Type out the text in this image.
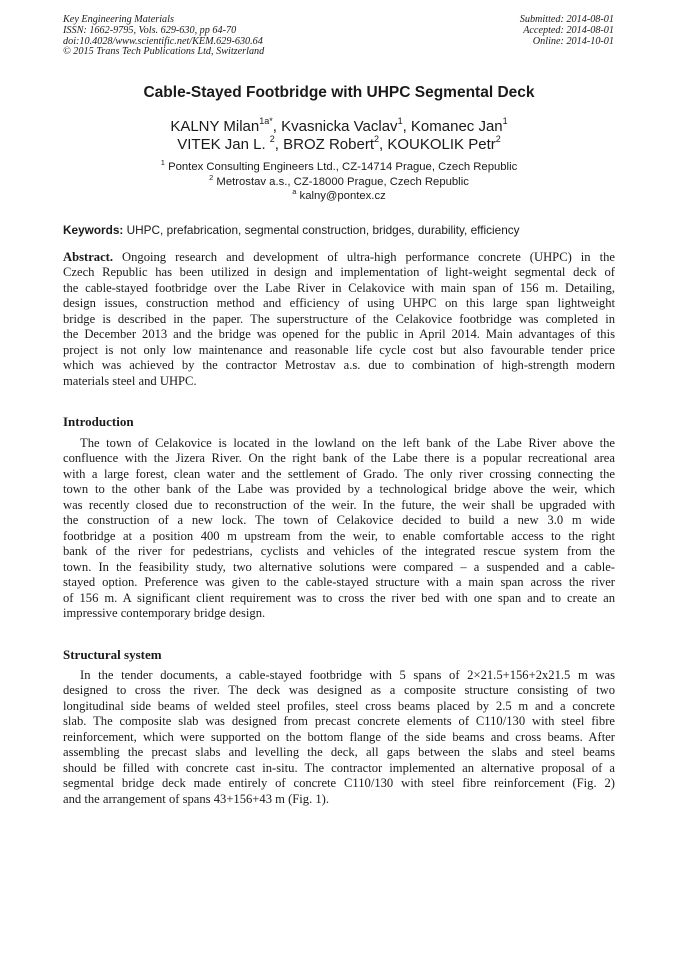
Key Engineering Materials
ISSN: 1662-9795, Vols. 629-630, pp 64-70
doi:10.4028/www.scientific.net/KEM.629-630.64
© 2015 Trans Tech Publications Ltd, Switzerland
Submitted: 2014-08-01
Accepted: 2014-08-01
Online: 2014-10-01
Cable-Stayed Footbridge with UHPC Segmental Deck
KALNY Milan$^{1a*}$, Kvasnicka Vaclav$^1$, Komanec Jan$^1$
VITEK Jan L. $^2$, BROZ Robert$^2$, KOUKOLIK Petr$^2$
$^1$ Pontex Consulting Engineers Ltd., CZ-14714 Prague, Czech Republic
$^2$ Metrostav a.s., CZ-18000 Prague, Czech Republic
$^a$ kalny@pontex.cz
Keywords: UHPC, prefabrication, segmental construction, bridges, durability, efficiency
Abstract. Ongoing research and development of ultra-high performance concrete (UHPC) in the
Czech Republic has been utilized in design and implementation of light-weight segmental deck of
the cable-stayed footbridge over the Labe River in Celakovice with main span of 156 m. Detailing,
design issues, construction method and efficiency of using UHPC on this large span lightweight
bridge is described in the paper. The superstructure of the Celakovice footbridge was completed in
the December 2013 and the bridge was opened for the public in April 2014. Main advantages of this
project is not only low maintenance and reasonable life cycle cost but also favourable tender price
which was achieved by the contractor Metrostav a.s. due to combination of high-strength modern
materials steel and UHPC.
Introduction
The town of Celakovice is located in the lowland on the left bank of the Labe River above the
confluence with the Jizera River. On the right bank of the Labe there is a popular recreational area
with a large forest, clean water and the settlement of Grado. The only river crossing connecting the
town to the other bank of the Labe was provided by a technological bridge above the weir, which
was recently closed due to reconstruction of the weir. In the future, the weir shall be upgraded with
the construction of a new lock. The town of Celakovice decided to build a new 3.0 m wide
footbridge at a position 400 m upstream from the weir, to enable comfortable access to the right
bank of the river for pedestrians, cyclists and vehicles of the integrated rescue system from the
town. In the feasibility study, two alternative solutions were compared – a suspended and a cable-
stayed option. Preference was given to the cable-stayed structure with a main span across the river
of 156 m. A significant client requirement was to cross the river bed with one span and to create an
impressive contemporary bridge design.
Structural system
In the tender documents, a cable-stayed footbridge with 5 spans of 2×21.5+156+2x21.5 m was
designed to cross the river. The deck was designed as a composite structure consisting of two
longitudinal side beams of welded steel profiles, steel cross beams placed by 2.5 m and a concrete
slab. The composite slab was designed from precast concrete elements of C110/130 with steel fibre
reinforcement, which were supported on the bottom flange of the side beams and cross beams. After
assembling the precast slabs and levelling the deck, all gaps between the slabs and steel beams
should be filled with concrete cast in-situ. The contractor implemented an alternative proposal of a
segmental bridge deck made entirely of concrete C110/130 with steel fibre reinforcement (Fig. 2)
and the arrangement of spans 43+156+43 m (Fig. 1).
